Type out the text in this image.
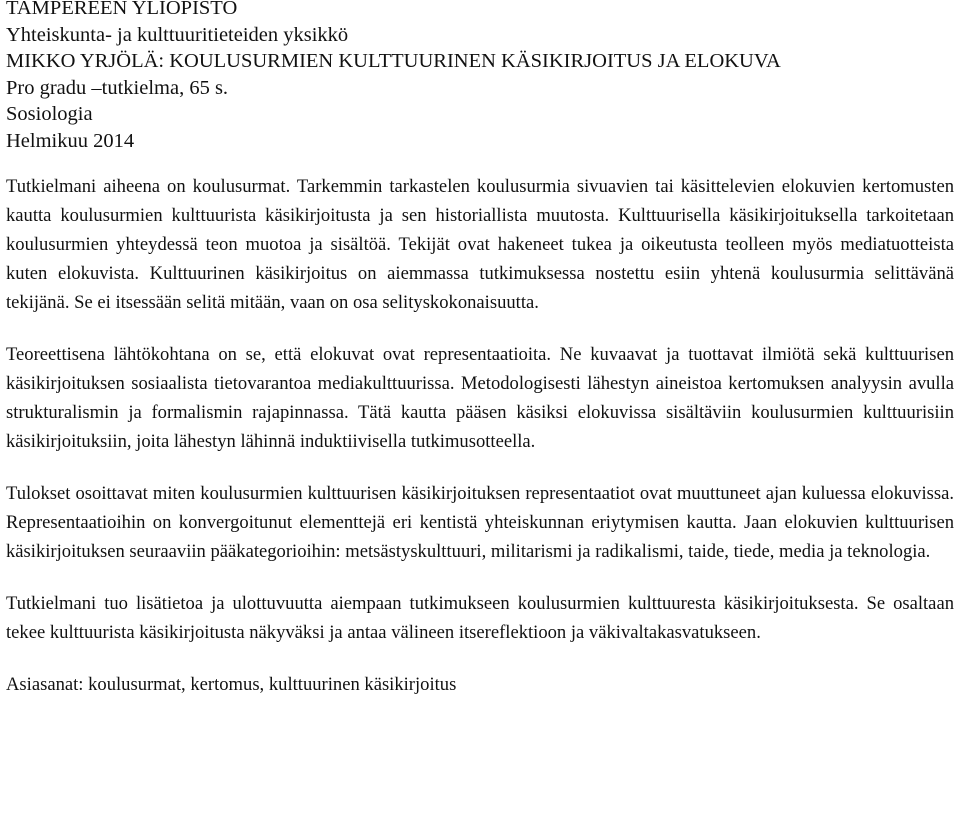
TAMPEREEN YLIOPISTO

Yhteiskunta- ja kulttuuritieteiden yksikkö

MIKKO YRJÖLÄ: KOULUSURMIEN KULTTUURINEN KÄSIKIRJOITUS JA ELOKUVA

Pro gradu –tutkielma, 65 s.

Sosiologia

Helmikuu 2014

Tutkielmani aiheena on koulusurmat. Tarkemmin tarkastelen koulusurmia sivuavien tai käsittelevien elokuvien kertomusten kautta koulusurmien kulttuurista käsikirjoitusta ja sen historiallista muutosta. Kulttuurisella käsikirjoituksella tarkoitetaan koulusurmien yhteydessä teon muotoa ja sisältöä. Tekijät ovat hakeneet tukea ja oikeutusta teolleen myös mediatuotteista kuten elokuvista. Kulttuurinen käsikirjoitus on aiemmassa tutkimuksessa nostettu esiin yhtenä koulusurmia selittävänä tekijänä. Se ei itsessään selitä mitään, vaan on osa selityskokonaisuutta.

Teoreettisena lähtökohtana on se, että elokuvat ovat representaatioita. Ne kuvaavat ja tuottavat ilmiötä sekä kulttuurisen käsikirjoituksen sosiaalista tietovarantoa mediakulttuurissa. Metodologisesti lähestyn aineistoa kertomuksen analyysin avulla strukturalismin ja formalismin rajapinnassa. Tätä kautta pääsen käsiksi elokuvissa sisältäviin koulusurmien kulttuurisiin käsikirjoituksiin, joita lähestyn lähinnä induktiivisella tutkimusotteella.

Tulokset osoittavat miten koulusurmien kulttuurisen käsikirjoituksen representaatiot ovat muuttuneet ajan kuluessa elokuvissa. Representaatioihin on konvergoitunut elementtejä eri kentistä yhteiskunnan eriytymisen kautta. Jaan elokuvien kulttuurisen käsikirjoituksen seuraaviin pääkategorioihin: metsästyskulttuuri, militarismi ja radikalismi, taide, tiede, media ja teknologia.

Tutkielmani tuo lisätietoa ja ulottuvuutta aiempaan tutkimukseen koulusurmien kulttuuresta käsikirjoituksesta. Se osaltaan tekee kulttuurista käsikirjoitusta näkyväksi ja antaa välineen itsereflektioon ja väkivaltakasvatukseen.

Asiasanat: koulusurmat, kertomus, kulttuurinen käsikirjoitus
